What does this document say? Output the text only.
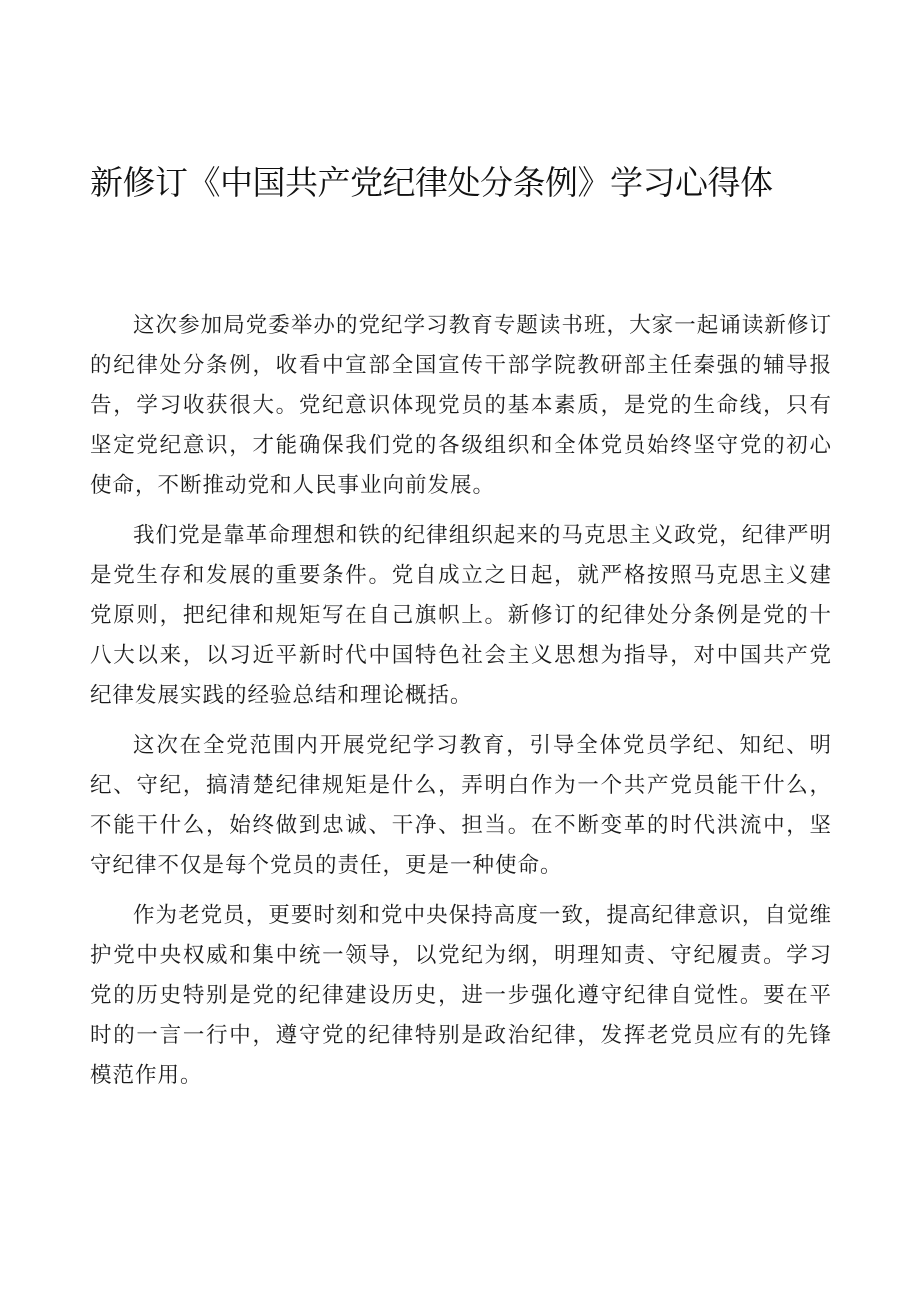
新修订《中国共产党纪律处分条例》学习心得体

这次参加局党委举办的党纪学习教育专题读书班，大家一起诵读新修订的纪律处分条例，收看中宣部全国宣传干部学院教研部主任秦强的辅导报告，学习收获很大。党纪意识体现党员的基本素质，是党的生命线，只有坚定党纪意识，才能确保我们党的各级组织和全体党员始终坚守党的初心使命，不断推动党和人民事业向前发展。

我们党是靠革命理想和铁的纪律组织起来的马克思主义政党，纪律严明是党生存和发展的重要条件。党自成立之日起，就严格按照马克思主义建党原则，把纪律和规矩写在自己旗帜上。新修订的纪律处分条例是党的十八大以来，以习近平新时代中国特色社会主义思想为指导，对中国共产党纪律发展实践的经验总结和理论概括。

这次在全党范围内开展党纪学习教育，引导全体党员学纪、知纪、明纪、守纪，搞清楚纪律规矩是什么，弄明白作为一个共产党员能干什么，不能干什么，始终做到忠诚、干净、担当。在不断变革的时代洪流中，坚守纪律不仅是每个党员的责任，更是一种使命。

作为老党员，更要时刻和党中央保持高度一致，提高纪律意识，自觉维护党中央权威和集中统一领导，以党纪为纲，明理知责、守纪履责。学习党的历史特别是党的纪律建设历史，进一步强化遵守纪律自觉性。要在平时的一言一行中，遵守党的纪律特别是政治纪律，发挥老党员应有的先锋模范作用。
